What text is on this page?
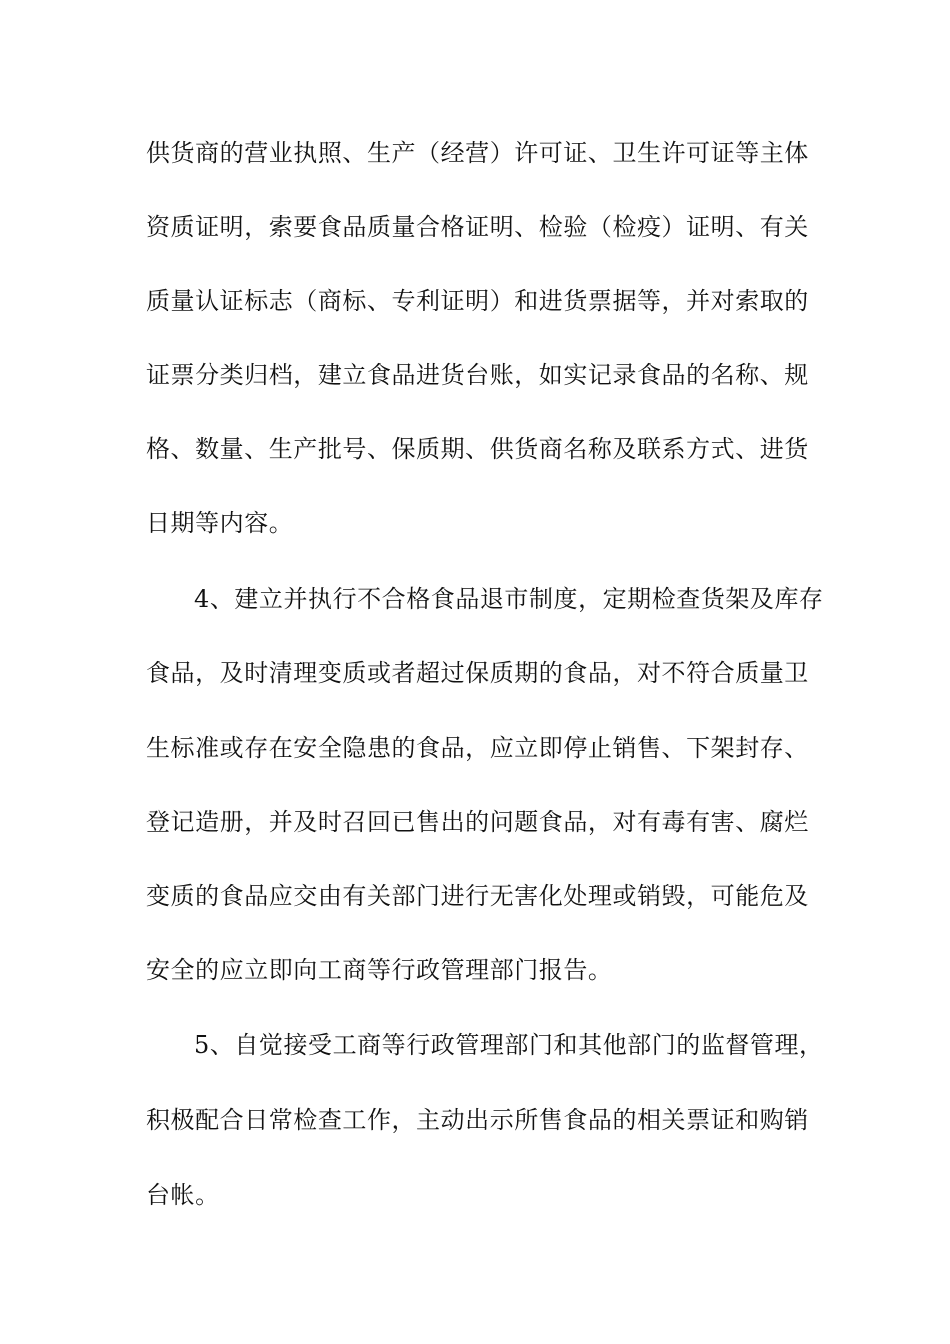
供货商的营业执照、生产（经营）许可证、卫生许可证等主体
资质证明，索要食品质量合格证明、检验（检疫）证明、有关
质量认证标志（商标、专利证明）和进货票据等，并对索取的
证票分类归档，建立食品进货台账，如实记录食品的名称、规
格、数量、生产批号、保质期、供货商名称及联系方式、进货
日期等内容。
4、建立并执行不合格食品退市制度，定期检查货架及库存
食品，及时清理变质或者超过保质期的食品，对不符合质量卫
生标准或存在安全隐患的食品，应立即停止销售、下架封存、
登记造册，并及时召回已售出的问题食品，对有毒有害、腐烂
变质的食品应交由有关部门进行无害化处理或销毁，可能危及
安全的应立即向工商等行政管理部门报告。
5、自觉接受工商等行政管理部门和其他部门的监督管理，
积极配合日常检查工作，主动出示所售食品的相关票证和购销
台帐。
